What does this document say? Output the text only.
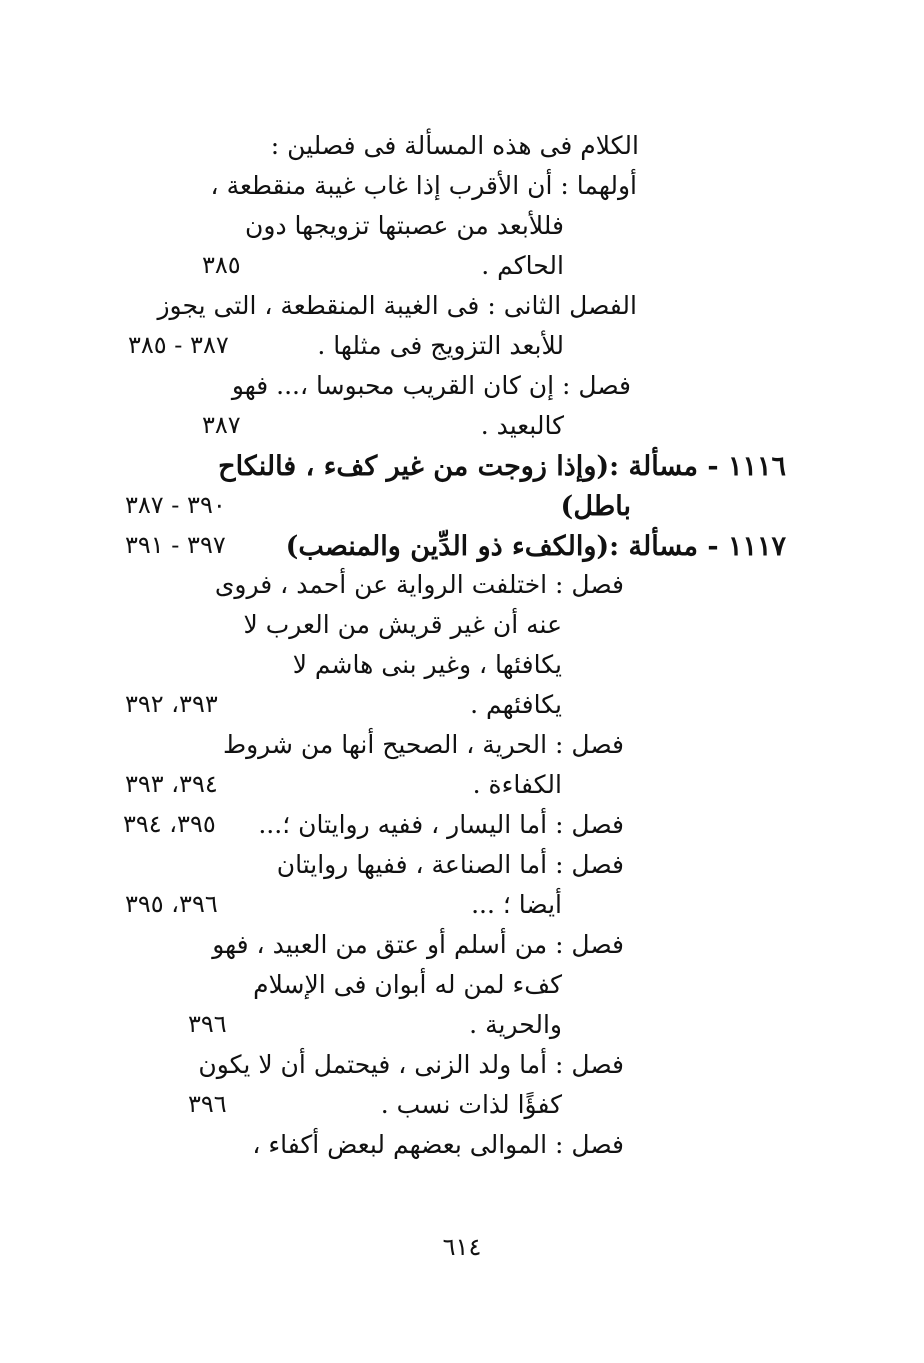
الكلام فى هذه المسألة فى فصلين :
أولهما : أن الأقرب إذا غاب غيبة منقطعة ،
فللأبعد من عصبتها تزويجها دون
الحاكم .
الفصل الثانى : فى الغيبة المنقطعة ، التى يجوز
للأبعد التزويج فى مثلها .
فصل : إن كان القريب محبوسا ،... فهو
كالبعيد .
١١١٦ - مسألة :(وإذا زوجت من غير كفء ، فالنكاح
باطل)
١١١٧ - مسألة :(والكفء ذو الدِّين والمنصب)
فصل : اختلفت الرواية عن أحمد ، فروى
عنه أن غير قريش من العرب لا
يكافئها ، وغير بنى هاشم لا
يكافئهم .
فصل : الحرية ، الصحيح أنها من شروط
الكفاءة .
فصل : أما اليسار ، ففيه روايتان ؛...
فصل : أما الصناعة ، ففيها روايتان
أيضا ؛ ...
فصل : من أسلم أو عتق من العبيد ، فهو
كفء لمن له أبوان فى الإسلام
والحرية .
فصل : أما ولد الزنى ، فيحتمل أن لا يكون
كفؤًا لذات نسب .
فصل : الموالى بعضهم لبعض أكفاء ،
٣٨٥
٣٨٧ - ٣٨٥
٣٨٧
٣٩٠ - ٣٨٧
٣٩٧ - ٣٩١
٣٩٣، ٣٩٢
٣٩٤، ٣٩٣
٣٩٥، ٣٩٤
٣٩٦، ٣٩٥
٣٩٦
٣٩٦
٦١٤
